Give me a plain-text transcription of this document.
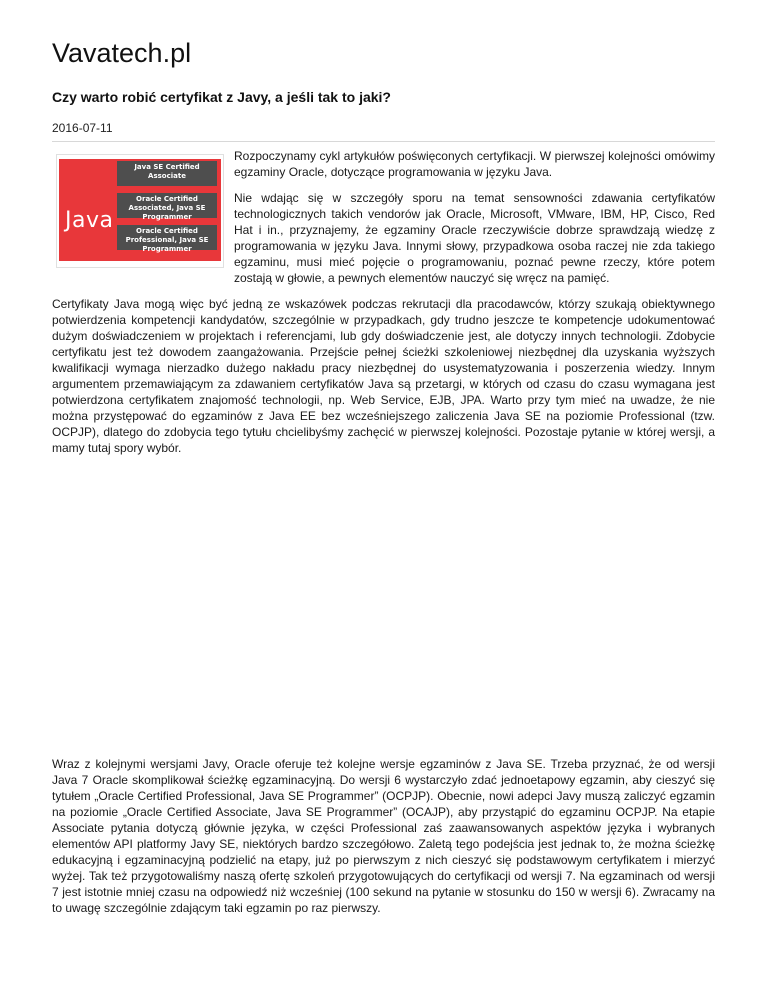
Vavatech.pl
Czy warto robić certyfikat z Javy, a jeśli tak to jaki?
2016-07-11
Java
Java SE Certified Associate
Oracle Certified Associated, Java SE Programmer
Oracle Certified Professional, Java SE Programmer

Rozpoczynamy cykl artykułów poświęconych certyfikacji. W pierwszej kolejności omówimy egzaminy Oracle, dotyczące programowania w języku Java.

Nie wdając się w szczegóły sporu na temat sensowności zdawania certyfikatów technologicznych takich vendorów jak Oracle, Microsoft, VMware, IBM, HP, Cisco, Red Hat i in., przyznajemy, że egzaminy Oracle rzeczywiście dobrze sprawdzają wiedzę z programowania w języku Java. Innymi słowy, przypadkowa osoba raczej nie zda takiego egzaminu, musi mieć pojęcie o programowaniu, poznać pewne rzeczy, które potem zostają w głowie, a pewnych elementów nauczyć się wręcz na pamięć.

Certyfikaty Java mogą więc być jedną ze wskazówek podczas rekrutacji dla pracodawców, którzy szukają obiektywnego potwierdzenia kompetencji kandydatów, szczególnie w przypadkach, gdy trudno jeszcze te kompetencje udokumentować dużym doświadczeniem w projektach i referencjami, lub gdy doświadczenie jest, ale dotyczy innych technologii. Zdobycie certyfikatu jest też dowodem zaangażowania. Przejście pełnej ścieżki szkoleniowej niezbędnej dla uzyskania wyższych kwalifikacji wymaga nierzadko dużego nakładu pracy niezbędnej do usystematyzowania i poszerzenia wiedzy. Innym argumentem przemawiającym za zdawaniem certyfikatów Java są przetargi, w których od czasu do czasu wymagana jest potwierdzona certyfikatem znajomość technologii, np. Web Service, EJB, JPA. Warto przy tym mieć na uwadze, że nie można przystępować do egzaminów z Java EE bez wcześniejszego zaliczenia Java SE na poziomie Professional (tzw. OCPJP), dlatego do zdobycia tego tytułu chcielibyśmy zachęcić w pierwszej kolejności. Pozostaje pytanie w której wersji, a mamy tutaj spory wybór.

Wraz z kolejnymi wersjami Javy, Oracle oferuje też kolejne wersje egzaminów z Java SE. Trzeba przyznać, że od wersji Java 7 Oracle skomplikował ścieżkę egzaminacyjną. Do wersji 6 wystarczyło zdać jednoetapowy egzamin, aby cieszyć się tytułem „Oracle Certified Professional, Java SE Programmer” (OCPJP). Obecnie, nowi adepci Javy muszą zaliczyć egzamin na poziomie „Oracle Certified Associate, Java SE Programmer” (OCAJP), aby przystąpić do egzaminu OCPJP. Na etapie Associate pytania dotyczą głównie języka, w części Professional zaś zaawansowanych aspektów języka i wybranych elementów API platformy Javy SE, niektórych bardzo szczegółowo. Zaletą tego podejścia jest jednak to, że można ścieżkę edukacyjną i egzaminacyjną podzielić na etapy, już po pierwszym z nich cieszyć się podstawowym certyfikatem i mierzyć wyżej. Tak też przygotowaliśmy naszą ofertę szkoleń przygotowujących do certyfikacji od wersji 7. Na egzaminach od wersji 7 jest istotnie mniej czasu na odpowiedź niż wcześniej (100 sekund na pytanie w stosunku do 150 w wersji 6). Zwracamy na to uwagę szczególnie zdającym taki egzamin po raz pierwszy.
